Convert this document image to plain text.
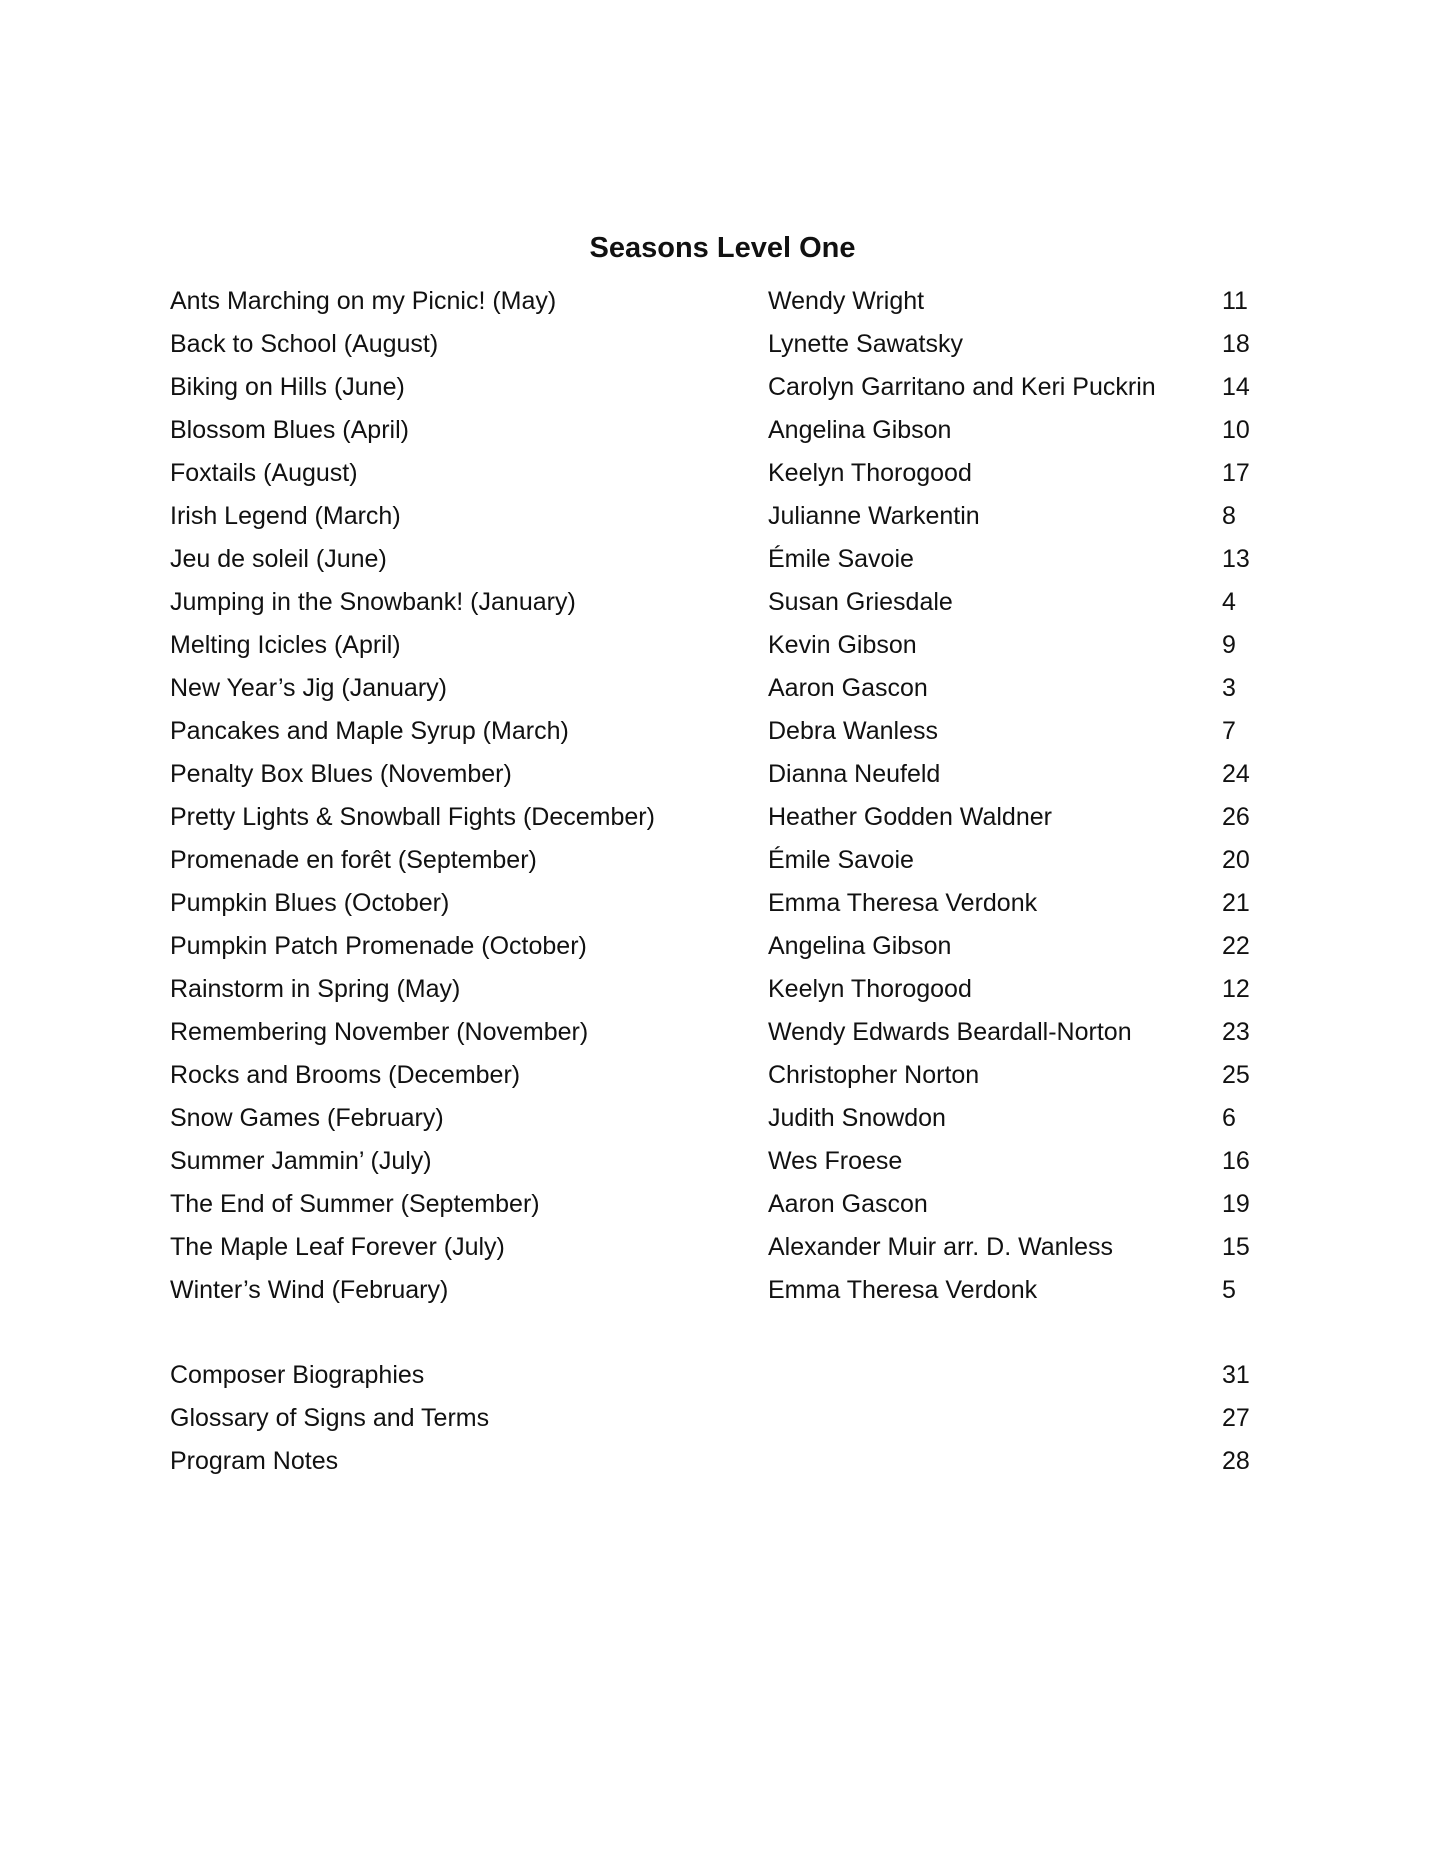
Seasons Level One
Ants Marching on my Picnic! (May)	Wendy Wright	11
Back to School (August)	Lynette Sawatsky	18
Biking on Hills (June)	Carolyn Garritano and Keri Puckrin	14
Blossom Blues (April)	Angelina Gibson	10
Foxtails (August)	Keelyn Thorogood	17
Irish Legend (March)	Julianne Warkentin	8
Jeu de soleil (June)	Émile Savoie	13
Jumping in the Snowbank! (January)	Susan Griesdale	4
Melting Icicles (April)	Kevin Gibson	9
New Year’s Jig (January)	Aaron Gascon	3
Pancakes and Maple Syrup (March)	Debra Wanless	7
Penalty Box Blues (November)	Dianna Neufeld	24
Pretty Lights & Snowball Fights (December)	Heather Godden Waldner	26
Promenade en forêt (September)	Émile Savoie	20
Pumpkin Blues (October)	Emma Theresa Verdonk	21
Pumpkin Patch Promenade (October)	Angelina Gibson	22
Rainstorm in Spring (May)	Keelyn Thorogood	12
Remembering November (November)	Wendy Edwards Beardall-Norton	23
Rocks and Brooms (December)	Christopher Norton	25
Snow Games (February)	Judith Snowdon	6
Summer Jammin’ (July)	Wes Froese	16
The End of Summer (September)	Aaron Gascon	19
The Maple Leaf Forever (July)	Alexander Muir arr. D. Wanless	15
Winter’s Wind (February)	Emma Theresa Verdonk	5
Composer Biographies	31
Glossary of Signs and Terms	27
Program Notes	28
